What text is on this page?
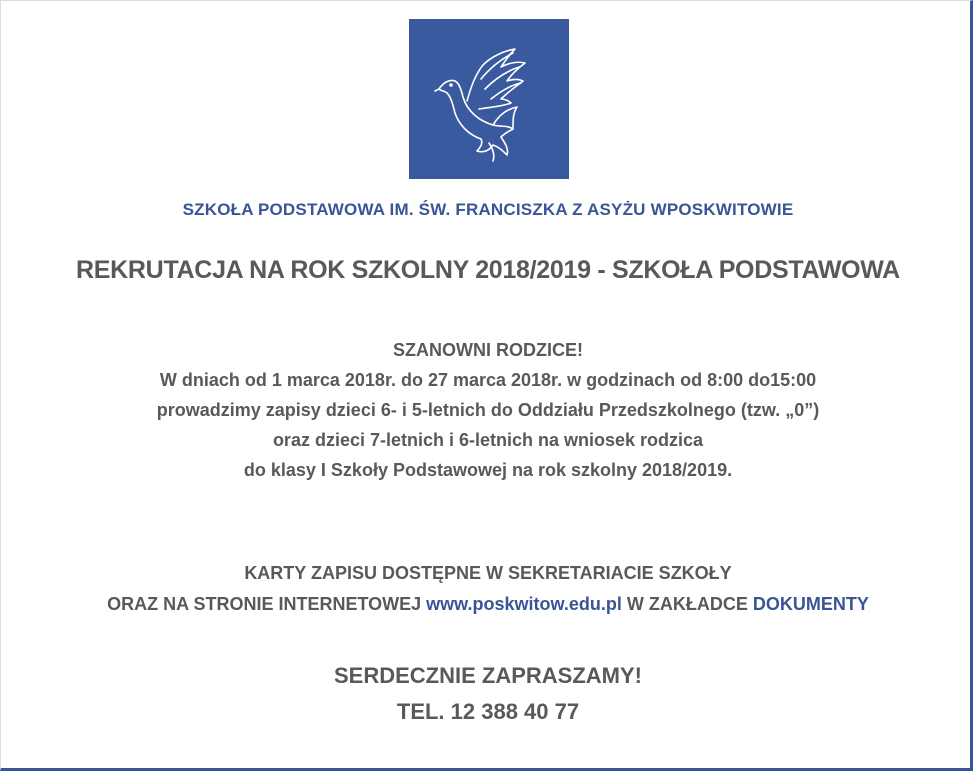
SZKOŁA PODSTAWOWA IM. ŚW. FRANCISZKA Z ASYŻU WPOSKWITOWIE
REKRUTACJA NA ROK SZKOLNY 2018/2019 - SZKOŁA PODSTAWOWA
SZANOWNI RODZICE!
W dniach od 1 marca 2018r. do 27 marca 2018r. w godzinach od 8:00 do15:00
prowadzimy zapisy dzieci 6- i 5-letnich do Oddziału Przedszkolnego (tzw. „0”)
oraz dzieci 7-letnich i 6-letnich na wniosek rodzica
do klasy I Szkoły Podstawowej na rok szkolny 2018/2019.
KARTY ZAPISU DOSTĘPNE W SEKRETARIACIE SZKOŁY
ORAZ NA STRONIE INTERNETOWEJ www.poskwitow.edu.pl W ZAKŁADCE DOKUMENTY
SERDECZNIE ZAPRASZAMY!
TEL. 12 388 40 77
